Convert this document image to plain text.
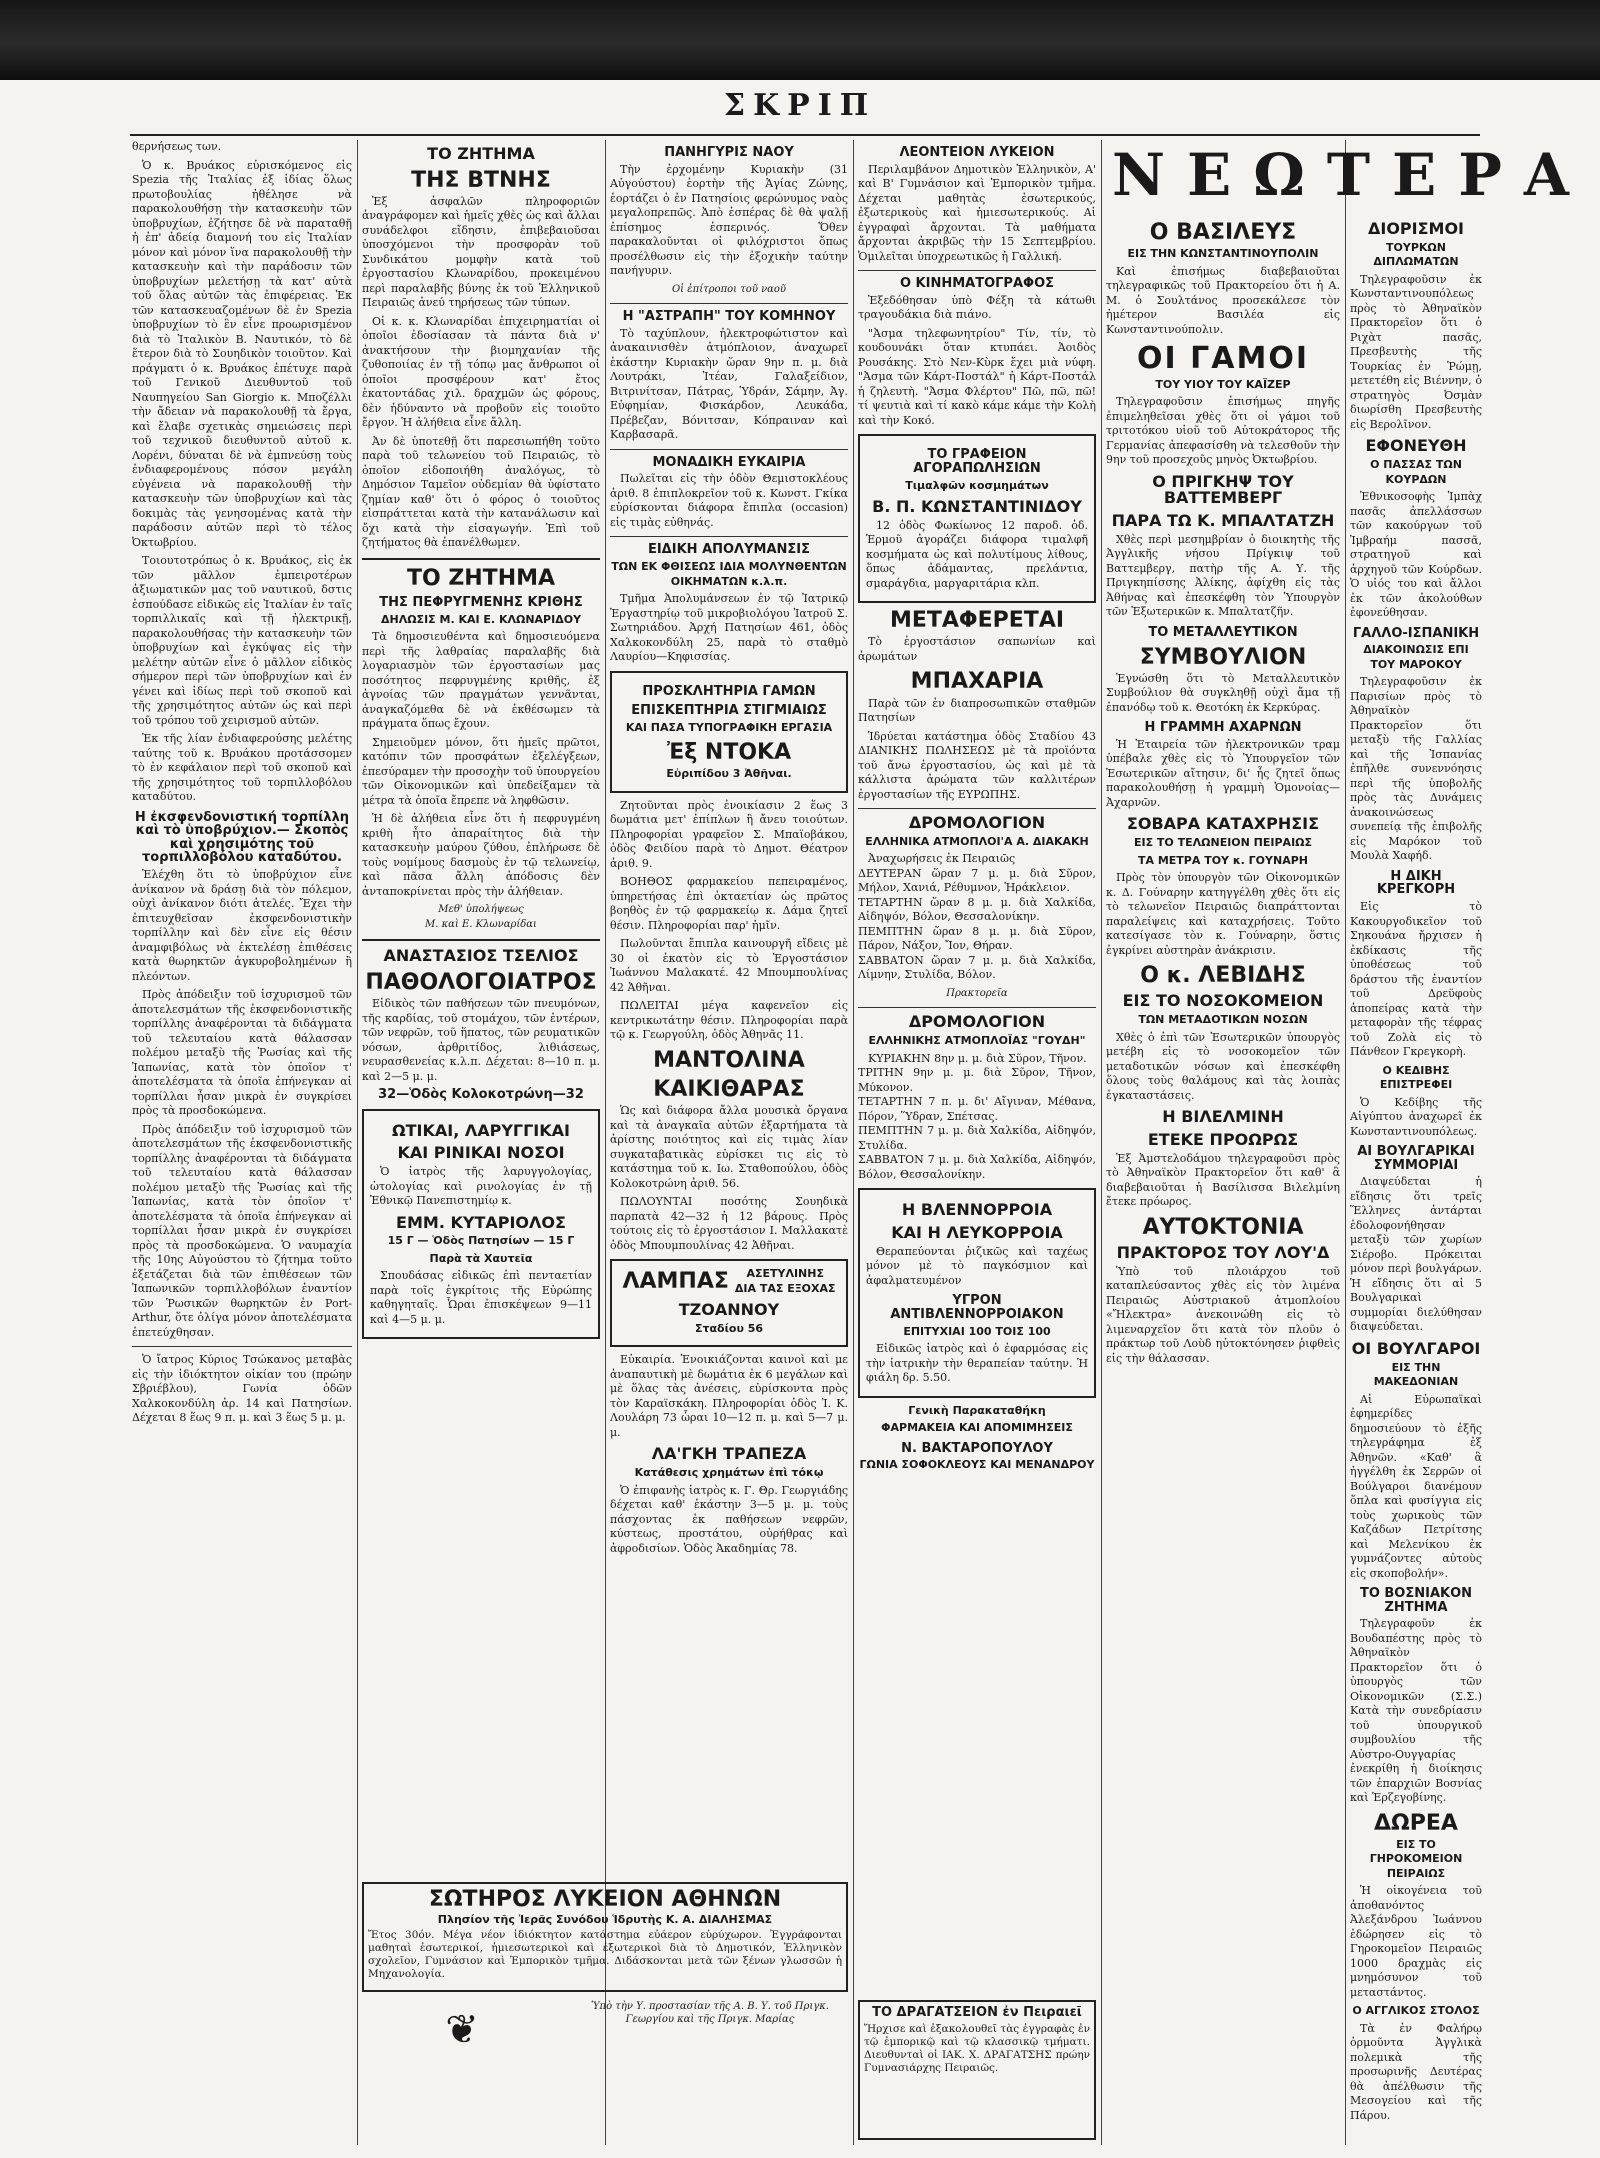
ΣΚΡΙΠ

θερνήσεως των.

Ὁ κ. Βρυάκος εὑρισκόμενος εἰς Spezia τῆς Ἰταλίας ἐξ ἰδίας ὅλως πρωτοβουλίας ἠθέλησε νὰ παρακολουθήσῃ τὴν κατασκευὴν τῶν ὑποβρυχίων, ἐζήτησε δὲ νὰ παραταθῇ ἡ ἐπ' ἀδείᾳ διαμονή του εἰς Ἰταλίαν μόνον καὶ μόνον ἵνα παρακολουθῇ τὴν κατασκευὴν καὶ τὴν παράδοσιν τῶν ὑποβρυχίων μελετήσῃ τὰ κατ' αὐτὰ τοῦ ὅλας αὐτῶν τὰς ἐπιφέρειας. Ἐκ τῶν κατασκευαζομένων δὲ ἐν Spezia ὑποβρυχίων τὸ ἓν εἶνε προωρισμένον διὰ τὸ Ἰταλικὸν Β. Ναυτικόν, τὸ δὲ ἕτερον διὰ τὸ Σουηδικὸν τοιοῦτον. Καὶ πράγματι ὁ κ. Βρυάκος ἐπέτυχε παρὰ τοῦ Γενικοῦ Διευθυντοῦ τοῦ Ναυπηγείου San Giorgio κ. Μποζέλλι τὴν ἄδειαν νὰ παρακολουθῇ τὰ ἔργα, καὶ ἔλαβε σχετικὰς σημειώσεις περὶ τοῦ τεχνικοῦ διευθυντοῦ αὐτοῦ κ. Λορένι, δύναται δὲ νὰ ἐμπνεύσῃ τοὺς ἐνδιαφερομένους πόσον μεγάλη εὐγένεια νὰ παρακολουθῇ τὴν κατασκευὴν τῶν ὑποβρυχίων καὶ τὰς δοκιμὰς τὰς γενησομένας κατὰ τὴν παράδοσιν αὐτῶν περὶ τὸ τέλος Ὀκτωβρίου.

Τοιουτοτρόπως ὁ κ. Βρυάκος, εἰς ἐκ τῶν μᾶλλον ἐμπειροτέρων ἀξιωματικῶν μας τοῦ ναυτικοῦ, δστις ἐσπούδασε εἰδικῶς εἰς Ἰταλίαν ἐν ταῖς τορπιλλικαῖς καὶ τῇ ἠλεκτρικῇ, παρακολουθήσας τὴν κατασκευὴν τῶν ὑποβρυχίων καὶ ἐγκύψας εἰς τὴν μελέτην αὐτῶν εἶνε ὁ μᾶλλον εἰδικὸς σήμερον περὶ τῶν ὑποβρυχίων καὶ ἐν γένει καὶ ἰδίως περὶ τοῦ σκοποῦ καὶ τῆς χρησιμότητος αὐτῶν ὡς καὶ περὶ τοῦ τρόπου τοῦ χειρισμοῦ αὐτῶν.

Ἐκ τῆς λίαν ἐνδιαφερούσης μελέτης ταύτης τοῦ κ. Βρυάκου προτάσσομεν τὸ ἐν κεφάλαιον περὶ τοῦ σκοποῦ καὶ τῆς χρησιμότητος τοῦ τορπιλλοβόλου καταδύτου.

Η ἐκσφενδονιστική τορπίλλη καὶ τὸ ὑποβρύχιον.— Σκοπὸς καὶ χρησιμότης τοῦ τορπιλλοβόλου καταδύτου.

Ἐλέχθη ὅτι τὸ ὑποβρύχιον εἶνε ἀνίκανον νὰ δράσῃ διὰ τὸν πόλεμον, οὐχὶ ἀνίκανον διότι ἀτελές. Ἔχει τὴν ἐπιτευχθεῖσαν ἐκσφενδονιστικὴν τορπίλλην καὶ δὲν εἶνε εἰς θέσιν ἀναμφιβόλως νὰ ἐκτελέσῃ ἐπιθέσεις κατὰ θωρηκτῶν ἀγκυροβολημένων ἢ πλεόντων.

Πρὸς ἀπόδειξιν τοῦ ἰσχυρισμοῦ τῶν ἀποτελεσμάτων τῆς ἐκσφενδονιστικῆς τορπίλλης ἀναφέρονται τὰ διδάγματα τοῦ τελευταίου κατὰ θάλασσαν πολέμου μεταξὺ τῆς Ῥωσίας καὶ τῆς Ἰαπωνίας, κατὰ τὸν ὁποῖον τ' ἀποτελέσματα τὰ ὁποῖα ἐπήνεγκαν αἱ τορπίλλαι ἦσαν μικρὰ ἐν συγκρίσει πρὸς τὰ προσδοκώμενα.

Πρὸς ἀπόδειξιν τοῦ ἰσχυρισμοῦ τῶν ἀποτελεσμάτων τῆς ἐκσφενδονιστικῆς τορπίλλης ἀναφέρονται τὰ διδάγματα τοῦ τελευταίου κατὰ θάλασσαν πολέμου μεταξὺ τῆς Ῥωσίας καὶ τῆς Ἰαπωνίας, κατὰ τὸν ὁποῖον τ' ἀποτελέσματα τὰ ὁποῖα ἐπήνεγκαν αἱ τορπίλλαι ἦσαν μικρὰ ἐν συγκρίσει πρὸς τὰ προσδοκώμενα. Ὁ ναυμαχία τῆς 10ης Αὐγούστου τὸ ζήτημα τοῦτο ἐξετάζεται διὰ τῶν ἐπιθέσεων τῶν Ἰαπωνικῶν τορπιλλοβόλων ἐναντίον τῶν Ῥωσικῶν θωρηκτῶν ἐν Port-Arthur, ὅτε ὀλίγα μόνον ἀποτελέσματα ἐπετεύχθησαν.

Ὁ ἴατρος Κύριος Τσώκανος μεταβὰς εἰς τὴν ἰδιόκτητον οἰκίαν του (πρώην Σβριέβλου), Γωνία ὁδῶν Χαλκοκονδύλη ἀρ. 14 καὶ Πατησίων. Δέχεται 8 ἕως 9 π. μ. καὶ 3 ἕως 5 μ. μ.

ΤΟ ΖΗΤΗΜΑ
ΤΗΣ ΒΤΝΗΣ

Ἐξ ἀσφαλῶν πληροφοριῶν ἀναγράφομεν καὶ ἡμεῖς χθὲς ὡς καὶ ἄλλαι συνάδελφοι εἴδησιν, ἐπιβεβαιοῦσαι ὑποσχόμενοι τὴν προσφορὰν τοῦ Συνδικάτου μομφὴν κατὰ τοῦ ἐργοστασίου Κλωναρίδου, προκειμένου περὶ παραλαβῆς βύνης ἐκ τοῦ Ἑλληνικοῦ Πειραιῶς ἀνεύ τηρήσεως τῶν τύπων.

Οἱ κ. κ. Κλωναρίδαι ἐπιχειρηματίαι οἱ ὁποῖοι ἐδοσίασαν τὰ πάντα διὰ ν' ἀνακτήσουν τὴν βιομηχανίαν τῆς ζυθοποιίας ἐν τῇ τόπῳ μας ἄνθρωποι οἱ ὁποῖοι προσφέρουν κατ' ἔτος ἑκατοντάδας χιλ. δραχμῶν ὡς φόρους, δὲν ἠδύναντο νὰ προβοῦν εἰς τοιοῦτο ἔργον. Ἡ ἀλήθεια εἶνε ἄλλη.

Ἀν δὲ ὑποτεθῇ ὅτι παρεσιωπήθη τοῦτο παρὰ τοῦ τελωνείου τοῦ Πειραιῶς, τὸ ὁποῖον εἰδοποιήθη ἀναλόγως, τὸ Δημόσιον Ταμεῖον οὐδεμίαν θὰ ὑφίστατο ζημίαν καθ' ὅτι ὁ φόρος ὁ τοιοῦτος εἰσπράττεται κατὰ τὴν κατανάλωσιν καὶ ὄχι κατὰ τὴν εἰσαγωγήν. Ἐπὶ τοῦ ζητήματος θὰ ἐπανέλθωμεν.

ΤΟ ΖΗΤΗΜΑ
ΤΗΣ ΠΕΦΡΥΓΜΕΝΗΣ ΚΡΙΘΗΣ
ΔΗΛΩΣΙΣ Μ. ΚΑΙ Ε. ΚΛΩΝΑΡΙΔΟΥ

Τὰ δημοσιευθέντα καὶ δημοσιευόμενα περὶ τῆς λαθραίας παραλαβῆς διὰ λογαριασμὸν τῶν ἐργοστασίων μας ποσότητος πεφρυγμένης κριθῆς, ἐξ ἀγνοίας τῶν πραγμάτων γεννᾶνται, ἀναγκαζόμεθα δὲ νὰ ἐκθέσωμεν τὰ πράγματα ὅπως ἔχουν.

Σημειοῦμεν μόνον, ὅτι ἡμεῖς πρῶτοι, κατόπιν τῶν προσφάτων ἐξελέγξεων, ἐπεσύραμεν τὴν προσοχὴν τοῦ ὑπουργείου τῶν Οἰκονομικῶν καὶ ὑπεδείξαμεν τὰ μέτρα τὰ ὁποῖα ἔπρεπε νὰ ληφθῶσιν.

Ἡ δὲ ἀλήθεια εἶνε ὅτι ἡ πεφρυγμένη κριθὴ ἦτο ἀπαραίτητος διὰ τὴν κατασκευὴν μαύρου ζύθου, ἐπλήρωσε δὲ τοὺς νομίμους δασμοὺς ἐν τῷ τελωνείῳ, καὶ πᾶσα ἄλλη ἀπόδοσις δὲν ἀνταποκρίνεται πρὸς τὴν ἀλήθειαν.

Μεθ' ὑπολήψεως
Μ. καὶ Ε. Κλωναρίδαι
ΑΝΑΣΤΑΣΙΟΣ ΤΣΕΛΙΟΣ
ΠΑΘΟΛΟΓΟΙΑΤΡΟΣ

Εἰδικὸς τῶν παθήσεων τῶν πνευμόνων, τῆς καρδίας, τοῦ στομάχου, τῶν ἐντέρων, τῶν νεφρῶν, τοῦ ἥπατος, τῶν ρευματικῶν νόσων, ἀρθριτίδος, λιθιάσεως, νευρασθενείας κ.λ.π. Δέχεται: 8—10 π. μ. καὶ 2—5 μ. μ.

32—Ὁδὸς Κολοκοτρώνη—32
ΩΤΙΚΑΙ, ΛΑΡΥΓΓΙΚΑΙ
ΚΑΙ ΡΙΝΙΚΑΙ ΝΟΣΟΙ

Ὁ ἰατρὸς τῆς λαρυγγολογίας, ὠτολογίας καὶ ρινολογίας ἐν τῇ Ἐθνικῷ Πανεπιστημίῳ κ.

ΕΜΜ. ΚΥΤΑΡΙΟΛΟΣ
15 Γ — Ὁδὸς Πατησίων — 15 Γ
Παρὰ τὰ Χαυτεῖα

Σπουδάσας εἰδικῶς ἐπὶ πενταετίαν παρὰ τοῖς ἐγκρίτοις τῆς Εὐρώπης καθηγηταῖς. Ὧραι ἐπισκέψεων 9—11 καὶ 4—5 μ. μ.

ΠΑΝΗΓΥΡΙΣ ΝΑΟΥ

Τὴν ἐρχομένην Κυριακὴν (31 Αὐγούστου) ἑορτὴν τῆς Ἁγίας Ζώνης, ἑορτάζει ὁ ἐν Πατησίοις φερώνυμος ναὸς μεγαλοπρεπῶς. Ἀπὸ ἑσπέρας δὲ θὰ ψαλῇ ἐπίσημος ἑσπερινός. Ὅθεν παρακαλοῦνται οἱ φιλόχριστοι ὅπως προσέλθωσιν εἰς τὴν ἐξοχικὴν ταύτην πανήγυριν.

Οἱ ἐπίτροποι τοῦ ναοῦ
Η "ΑΣΤΡΑΠΗ" ΤΟΥ ΚΟΜΗΝΟΥ

Τὸ ταχύπλουν, ἠλεκτροφώτιστον καὶ ἀνακαινισθὲν ἀτμόπλοιον, ἀναχωρεῖ ἑκάστην Κυριακὴν ὥραν 9ην π. μ. διὰ Λουτράκι, Ἰτέαν, Γαλαξείδιον, Βιτρινίτσαν, Πάτρας, Ὑδράν, Σάμην, Ἀγ. Εὐφημίαν, Φισκάρδον, Λευκάδα, Πρέβεζαν, Βόνιτσαν, Κόπραιναν καὶ Καρβασαρᾶ.

ΜΟΝΑΔΙΚΗ ΕΥΚΑΙΡΙΑ

Πωλεῖται εἰς τὴν ὁδὸν Θεμιστοκλέους ἀριθ. 8 ἐπιπλοκρεῖον τοῦ κ. Κωνστ. Γκίκα εὑρίσκονται διάφορα ἔπιπλα (occasion) εἰς τιμὰς εὐθηνάς.

ΕΙΔΙΚΗ ΑΠΟΛΥΜΑΝΣΙΣ
ΤΩΝ ΕΚ ΦΘΙΣΕΩΣ ΙΔΙΑ ΜΟΛΥΝΘΕΝΤΩΝ ΟΙΚΗΜΑΤΩΝ κ.λ.π.

Τμῆμα Ἀπολυμάνσεων ἐν τῷ Ἰατρικῷ Ἐργαστηρίῳ τοῦ μικροβιολόγου Ἰατροῦ Σ. Σωτηριάδου. Ἀρχή Πατησίων 461, ὁδὸς Χαλκοκονδύλη 25, παρὰ τὸ σταθμὸ Λαυρίου—Κηφισσίας.

ΠΡΟΣΚΛΗΤΗΡΙΑ ΓΑΜΩΝ
ΕΠΙΣΚΕΠΤΗΡΙΑ ΣΤΙΓΜΙΑΙΩΣ
ΚΑΙ ΠΑΣΑ ΤΥΠΟΓΡΑΦΙΚΗ ΕΡΓΑΣΙΑ
Ἐξ ΝΤΟΚΑ
Εὐριπίδου 3 Ἀθῆναι.

Ζητοῦνται πρὸς ἐνοικίασιν 2 ἕως 3 δωμάτια μετ' ἐπίπλων ἢ ἄνευ τοιούτων. Πληροφορίαι γραφεῖον Σ. Μπαϊοβάκου, ὁδὸς Φειδίου παρὰ τὸ Δημοτ. Θέατρον ἀριθ. 9.

ΒΟΗΘΟΣ φαρμακείου πεπειραμένος, ὑπηρετήσας ἐπὶ ὀκταετίαν ὡς πρῶτος βοηθὸς ἐν τῷ φαρμακείῳ κ. Δάμα ζητεῖ θέσιν. Πληροφορίαι παρ' ἡμῖν.

Πωλοῦνται ἔπιπλα καινουργῆ εἴδεις μὲ 30 οἱ ἑκατὸν εἰς τὸ Ἐργοστάσιον Ἰωάννου Μαλακατέ. 42 Μπουμπουλίνας 42 Ἀθῆναι.

ΠΩΛΕΙΤΑΙ μέγα καφενεῖον εἰς κεντρικωτάτην θέσιν. Πληροφορίαι παρὰ τῷ κ. Γεωργούλη, ὁδὸς Ἀθηνᾶς 11.

ΜΑΝΤΟΛΙΝΑ
ΚΑΙΚΙΘΑΡΑΣ

Ὡς καὶ διάφορα ἄλλα μουσικὰ ὄργανα καὶ τὰ ἀναγκαῖα αὐτῶν ἐξαρτήματα τὰ ἀρίστης ποιότητος καὶ εἰς τιμὰς λίαν συγκαταβατικὰς εὑρίσκει τις εἰς τὸ κατάστημα τοῦ κ. Ιω. Σταθοπούλου, ὁδὸς Κολοκοτρώνη ἀριθ. 56.

ΠΩΛΟΥΝΤΑΙ ποσότης Σουηδικὰ παρπατὰ 42—32 ἡ 12 βάρους. Πρὸς τούτοις εἰς τὸ ἐργοστάσιον I. Μαλλακατὲ ὁδὸς Μπουμπουλίνας 42 Ἀθῆναι.

ΛΑΜΠΑΣ	ΑΣΕΤΥΛΙΝΗΣ
ΔΙΑ ΤΑΣ ΕΞΟΧΑΣ
ΤΖΟΑΝΝΟΥ
Σταδίου 56

Εὐκαιρία. Ἐνοικιάζονται καινοὶ καὶ με ἀναπαυτικὴ μὲ δωμάτια ἐκ 6 μεγάλων καὶ μὲ ὅλας τὰς ἀνέσεις, εὑρίσκοντα πρὸς τὸν Καραϊσκάκη. Πληροφορίαι ὁδὸς Ἰ. Κ. Λουλάρη 73 ὧραι 10—12 π. μ. καὶ 5—7 μ. μ.

ΛΑ'ΓΚΗ ΤΡΑΠΕΖΑ
Κατάθεσις χρημάτων ἐπὶ τόκῳ

Ὁ ἐπιφανὴς ἰατρὸς κ. Γ. Θρ. Γεωργιάδης δέχεται καθ' ἑκάστην 3—5 μ. μ. τοὺς πάσχοντας ἐκ παθήσεων νεφρῶν, κύστεως, προστάτου, οὐρήθρας καὶ ἀφροδισίων. Ὁδὸς Ἀκαδημίας 78.

ΛΕΟΝΤΕΙΟΝ ΛΥΚΕΙΟΝ

Περιλαμβάνον Δημοτικὸν Ἑλληνικὸν, Α' καὶ Β' Γυμνάσιον καὶ Ἐμπορικὸν τμῆμα. Δέχεται μαθητὰς ἐσωτερικούς, ἐξωτερικοὺς καὶ ἡμιεσωτερικούς. Αἱ ἐγγραφαὶ ἄρχονται. Τὰ μαθήματα ἄρχονται ἀκριβῶς τὴν 15 Σεπτεμβρίου. Ὁμιλεῖται ὑποχρεωτικῶς ἡ Γαλλική.

Ο ΚΙΝΗΜΑΤΟΓΡΑΦΟΣ

Ἐξεδόθησαν ὑπὸ Φέξη τὰ κάτωθι τραγουδάκια διὰ πιάνο.

"Ἀσμα τηλεφωνητρίου" Τίν, τίν, τὸ κουδουνάκι ὅταν κτυπάει. Ἀοιδὸς Ρουσάκης. Στὸ Νεν-Κὺρκ ἔχει μιὰ νύφη. "Ἀσμα τῶν Κάρτ-Ποστάλ" ἡ Κάρτ-Ποστάλ ἡ ζηλευτὴ. "Ἀσμα Φλέρτου" Πῶ, πῶ, πῶ! τί ψευτιὰ καὶ τί κακὸ κάμε κάμε τὴν Κολὴ καὶ τὴν Κοκό.

ΤΟ ΓΡΑΦΕΙΟΝ ΑΓΟΡΑΠΩΛΗΣΙΩΝ
Τιμαλφῶν κοσμημάτων
Β. Π. ΚΩΝΣΤΑΝΤΙΝΙΔΟΥ

12 ὁδὸς Φωκίωνος 12 παροδ. ὁδ. Ἑρμοῦ ἀγοράζει διάφορα τιμαλφῆ κοσμήματα ὡς καὶ πολυτίμους λίθους, ὅπως ἀδάμαντας, πρελάντια, σμαράγδια, μαργαριτάρια κλπ.

ΜΕΤΑΦΕΡΕΤΑΙ

Τὸ ἐργοστάσιον σαπωνίων καὶ ἀρωμάτων

ΜΠΑΧΑΡΙΑ

Παρὰ τῶν ἐν διαπροσωπικῶν σταθμῶν Πατησίων

Ἱδρύεται κατάστημα ὁδὸς Σταδίου 43 ΔΙΑΝΙΚΗΣ ΠΩΛΗΣΕΩΣ μὲ τὰ προϊόντα τοῦ ἄνω ἐργοστασίου, ὡς καὶ μὲ τὰ κάλλιστα ἀρώματα τῶν καλλιτέρων ἐργοστασίων τῆς ΕΥΡΩΠΗΣ.

ΔΡΟΜΟΛΟΓΙΟΝ
ΕΛΛΗΝΙΚΑ ΑΤΜΟΠΛΟΙ'Α Α. ΔΙΑΚΑΚΗ

Ἀναχωρήσεις ἐκ Πειραιῶς
ΔΕΥΤΕΡΑΝ ὥραν 7 μ. μ. διὰ Σῦρον, Μήλον, Χανιά, Ρέθυμνον, Ἡράκλειον.
ΤΕΤΑΡΤΗΝ ὥραν 8 μ. μ. διὰ Χαλκίδα, Αἰδηψόν, Βόλον, Θεσσαλονίκην.
ΠΕΜΠΤΗΝ ὥραν 8 μ. μ. διὰ Σῦρον, Πάρον, Νάξον, Ἴον, Θήραν.
ΣΑΒΒΑΤΟΝ ὥραν 7 μ. μ. διὰ Χαλκίδα, Λίμνην, Στυλίδα, Βόλον.

Πρακτορεῖα
ΔΡΟΜΟΛΟΓΙΟΝ
ΕΛΛΗΝΙΚΗΣ ΑΤΜΟΠΛΟΪΑΣ "ΓΟΥΔΗ"

ΚΥΡΙΑΚΗΝ 8ην μ. μ. διὰ Σῦρον, Τῆνον.
ΤΡΙΤΗΝ 9ην μ. μ. διὰ Σῦρον, Τῆνον, Μύκονον.
ΤΕΤΑΡΤΗΝ 7 π. μ. δι' Αἴγιναν, Μέθανα, Πόρον, Ὕδραν, Σπέτσας.
ΠΕΜΠΤΗΝ 7 μ. μ. διὰ Χαλκίδα, Αἰδηψόν, Στυλίδα.
ΣΑΒΒΑΤΟΝ 7 μ. μ. διὰ Χαλκίδα, Αἰδηψόν, Βόλον, Θεσσαλονίκην.

Η ΒΛΕΝΝΟΡΡΟΙΑ
ΚΑΙ Η ΛΕΥΚΟΡΡΟΙΑ

Θεραπεύονται ῥιζικῶς καὶ ταχέως μόνον μὲ τὸ παγκόσμιον καὶ ἀφαλματευμένον

ΥΓΡΟΝ ΑΝΤΙΒΛΕΝΝΟΡΡΟΙΑΚΟΝ
ΕΠΙΤΥΧΙΑΙ 100 ΤΟΙΣ 100

Εἰδικῶς ἰατρὸς καὶ ὁ ἐφαρμόσας εἰς τὴν ἰατρικὴν τὴν θεραπείαν ταύτην. Ἡ φιάλη δρ. 5.50.

Γενικὴ Παρακαταθήκη
ΦΑΡΜΑΚΕΙΑ ΚΑΙ ΑΠΟΜΙΜΗΣΕΙΣ
Ν. ΒΑΚΤΑΡΟΠΟΥΛΟΥ
ΓΩΝΙΑ ΣΟΦΟΚΛΕΟΥΣ ΚΑΙ ΜΕΝΑΝΔΡΟΥ
ΝΕΩΤΕΡΑ
Ο ΒΑΣΙΛΕΥΣ
ΕΙΣ ΤΗΝ ΚΩΝΣΤΑΝΤΙΝΟΥΠΟΛΙΝ

Καὶ ἐπισήμως διαβεβαιοῦται τηλεγραφικῶς τοῦ Πρακτορείου ὅτι ἡ Α. Μ. ὁ Σουλτάνος προσεκάλεσε τὸν ἡμέτερον Βασιλέα εἰς Κωνσταντινούπολιν.

ΟΙ ΓΑΜΟΙ
ΤΟΥ ΥΙΟΥ ΤΟΥ ΚΑΪΖΕΡ

Τηλεγραφοῦσιν ἐπισήμως πηγῆς ἐπιμεληθεῖσαι χθὲς ὅτι οἱ γάμοι τοῦ τριτοτόκου υἱοῦ τοῦ Αὐτοκράτορος τῆς Γερμανίας ἀπεφασίσθη νὰ τελεσθοῦν τὴν 9ην τοῦ προσεχοῦς μηνὸς Ὀκτωβρίου.

Ο ΠΡΙΓΚΗΨ ΤΟΥ ΒΑΤΤΕΜΒΕΡΓ
ΠΑΡΑ ΤΩ Κ. ΜΠΑΛΤΑΤΖΗ

Χθὲς περὶ μεσημβρίαν ὁ διοικητὴς τῆς Ἀγγλικῆς νήσου Πρίγκιψ τοῦ Βαττεμβεργ, πατὴρ τῆς Α. Υ. τῆς Πριγκηπίσσης Ἀλίκης, ἀφίχθη εἰς τὰς Ἀθήνας καὶ ἐπεσκέφθη τὸν Ὑπουργὸν τῶν Ἐξωτερικῶν κ. Μπαλτατζῆν.

ΤΟ ΜΕΤΑΛΛΕΥΤΙΚΟΝ
ΣΥΜΒΟΥΛΙΟΝ

Ἐγνώσθη ὅτι τὸ Μεταλλευτικὸν Συμβούλιον θὰ συγκληθῇ οὐχὶ ἄμα τῇ ἐπανόδῳ τοῦ κ. Θεοτόκη ἐκ Κερκύρας.

Η ΓΡΑΜΜΗ ΑΧΑΡΝΩΝ

Ἡ Ἑταιρεία τῶν ἠλεκτρονικῶν τραμ ὑπέβαλε χθὲς εἰς τὸ Ὑπουργεῖον τῶν Ἐσωτερικῶν αἴτησιν, δι' ἧς ζητεῖ ὅπως παρακολουθήσῃ ἡ γραμμὴ Ὁμονοίας—Ἀχαρνῶν.

ΣΟΒΑΡΑ ΚΑΤΑΧΡΗΣΙΣ
ΕΙΣ ΤΟ ΤΕΛΩΝΕΙΟΝ ΠΕΙΡΑΙΩΣ
ΤΑ ΜΕΤΡΑ ΤΟΥ κ. ΓΟΥΝΑΡΗ

Πρὸς τὸν ὑπουργὸν τῶν Οἰκονομικῶν κ. Δ. Γούναρην κατηγγέλθη χθὲς ὅτι εἰς τὸ τελωνεῖον Πειραιῶς διαπράττονται παραλείψεις καὶ καταχρήσεις. Τοῦτο κατεσίγασε τὸν κ. Γούναρην, ὅστις ἐγκρίνει αὐστηρὰν ἀνάκρισιν.

Ο κ. ΛΕΒΙΔΗΣ
ΕΙΣ ΤΟ ΝΟΣΟΚΟΜΕΙΟΝ
ΤΩΝ ΜΕΤΑΔΟΤΙΚΩΝ ΝΟΣΩΝ

Χθὲς ὁ ἐπὶ τῶν Ἐσωτερικῶν ὑπουργὸς μετέβη εἰς τὸ νοσοκομεῖον τῶν μεταδοτικῶν νόσων καὶ ἐπεσκέφθη ὅλους τοὺς θαλάμους καὶ τὰς λοιπὰς ἐγκαταστάσεις.

Η ΒΙΛΕΛΜΙΝΗ
ΕΤΕΚΕ ΠΡΟΩΡΩΣ

Ἐξ Ἀμστελοδάμου τηλεγραφοῦσι πρὸς τὸ Ἀθηναϊκὸν Πρακτορεῖον ὅτι καθ' ἃ διαβεβαιοῦται ἡ Βασίλισσα Βιλελμίνη ἔτεκε πρόωρος.

ΑΥΤΟΚΤΟΝΙΑ
ΠΡΑΚΤΟΡΟΣ ΤΟΥ ΛΟΥ'Δ

Ὑπὸ τοῦ πλοιάρχου τοῦ καταπλεύσαντος χθὲς εἰς τὸν λιμένα Πειραιῶς Αὐστριακοῦ ἀτμοπλοίου «Ἤλεκτρα» ἀνεκοινώθη εἰς τὸ λιμεναρχεῖον ὅτι κατὰ τὸν πλοῦν ὁ πράκτωρ τοῦ Λοὺδ ηὐτοκτόνησεν ῥιφθεὶς εἰς τὴν θάλασσαν.

ΔΙΟΡΙΣΜΟΙ
ΤΟΥΡΚΩΝ ΔΙΠΛΩΜΑΤΩΝ

Τηλεγραφοῦσιν ἐκ Κωνσταντινουπόλεως πρὸς τὸ Ἀθηναϊκὸν Πρακτορεῖον ὅτι ὁ Ριχὰτ πασᾶς, Πρεσβευτὴς τῆς Τουρκίας ἐν Ῥώμῃ, μετετέθη εἰς Βιέννην, ὁ στρατηγὸς Ὀσμὰν διωρίσθη Πρεσβευτὴς εἰς Βερολῖνον.

ΕΦΟΝΕΥΘΗ
Ο ΠΑΣΣΑΣ ΤΩΝ ΚΟΥΡΔΩΝ

Ἐθνικοσοφὴς Ἰμπὰχ πασᾶς ἀπελλάσσων τῶν κακούργων τοῦ Ἰμβραήμ πασσᾶ, στρατηγοῦ καὶ ἀρχηγοῦ τῶν Κούρδων. Ὁ υἱός του καὶ ἄλλοι ἐκ τῶν ἀκολούθων ἐφονεύθησαν.

ΓΑΛΛΟ-ΙΣΠΑΝΙΚΗ
ΔΙΑΚΟΙΝΩΣΙΣ ΕΠΙ ΤΟΥ ΜΑΡΟΚΟΥ

Τηλεγραφοῦσιν ἐκ Παρισίων πρὸς τὸ Ἀθηναϊκὸν Πρακτορεῖον ὅτι μεταξὺ τῆς Γαλλίας καὶ τῆς Ἰσπανίας ἐπῆλθε συνεννόησις περὶ τῆς ὑποβολῆς πρὸς τὰς Δυνάμεις ἀνακοινώσεως συνεπείᾳ τῆς ἐπιβολῆς εἰς Μαρόκον τοῦ Μουλὰ Χαφήδ.

Η ΔΙΚΗ ΚΡΕΓΚΟΡΗ

Εἰς τὸ Κακουργοδικεῖον τοῦ Σηκουάνα ἤρχισεν ἡ ἐκδίκασις τῆς ὑποθέσεως τοῦ δράστου τῆς ἐναντίον τοῦ Δρεϋφοὺς ἀποπείρας κατὰ τὴν μεταφορὰν τῆς τέφρας τοῦ Ζολὰ εἰς τὸ Πάνθεον Γκρεγκορὴ.

Ο ΚΕΔΙΒΗΣ ΕΠΙΣΤΡΕΦΕΙ

Ὁ Κεδίβης τῆς Αἰγύπτου ἀναχωρεῖ ἐκ Κωνσταντινουπόλεως.

ΑΙ ΒΟΥΛΓΑΡΙΚΑΙ ΣΥΜΜΟΡΙΑΙ

Διαψεύδεται ἡ εἴδησις ὅτι τρεῖς Ἕλληνες ἀντάρται ἐδολοφονήθησαν μεταξὺ τῶν χωρίων Σιέροβο. Πρόκειται μόνον περὶ βουλγάρων. Ἡ εἴδησις ὅτι αἱ 5 Βουλγαρικαὶ συμμορίαι διελύθησαν διαψεύδεται.

ΟΙ ΒΟΥΛΓΑΡΟΙ
ΕΙΣ ΤΗΝ ΜΑΚΕΔΟΝΙΑΝ

Αἱ Εὐρωπαϊκαὶ ἐφημερίδες δημοσιεύουν τὸ ἑξῆς τηλεγράφημα ἐξ Ἀθηνῶν. «Καθ' ἃ ἠγγέλθη ἐκ Σερρῶν οἱ Βούλγαροι διανέμουν ὅπλα καὶ φυσίγγια εἰς τοὺς χωρικοὺς τῶν Καζάδων Πετρίτσης καὶ Μελενίκου ἐκ γυμνάζοντες αὐτοὺς εἰς σκοποβολήν».

ΤΟ ΒΟΣΝΙΑΚΟΝ ΖΗΤΗΜΑ

Τηλεγραφοῦν ἐκ Βουδαπέστης πρὸς τὸ Ἀθηναϊκὸν Πρακτορεῖον ὅτι ὁ ὑπουργὸς τῶν Οἰκονομικῶν (Σ.Σ.) Κατὰ τὴν συνεδρίασιν τοῦ ὑπουργικοῦ συμβουλίου τῆς Αὐστρο-Ουγγαρίας ἐνεκρίθη ἡ διοίκησις τῶν ἐπαρχιῶν Βοσνίας καὶ Ἑρζεγοβίνης.

ΔΩΡΕΑ
ΕΙΣ ΤΟ ΓΗΡΟΚΟΜΕΙΟΝ ΠΕΙΡΑΙΩΣ

Ἡ οἰκογένεια τοῦ ἀποθανόντος Ἀλεξάνδρου Ἰωάννου ἐδώρησεν εἰς τὸ Γηροκομεῖον Πειραιῶς 1000 δραχμὰς εἰς μνημόσυνον τοῦ μεταστάντος.

Ο ΑΓΓΛΙΚΟΣ ΣΤΟΛΟΣ

Τὰ ἐν Φαλήρῳ ὁρμοῦντα Ἀγγλικὰ πολεμικὰ τῆς προσωρινῆς Δευτέρας θὰ ἀπέλθωσιν τῆς Μεσογείου καὶ τῆς Πάρου.

ΣΩΤΗΡΟΣ ΛΥΚΕΙΟΝ ΑΘΗΝΩΝ
Πλησίον τῆς Ἱερᾶς Συνόδου Ἱδρυτὴς Κ. Α. ΔΙΑΛΗΣΜΑΣ
Ἔτος 30όν. Μέγα νέον ἰδιόκτητον κατάστημα εὐάερον εὐρύχωρον. Ἐγγράφονται μαθηταὶ ἐσωτερικοί, ἡμιεσωτερικοὶ καὶ ἐξωτερικοὶ διὰ τὸ Δημοτικόν, Ἑλληνικὸν σχολεῖον, Γυμνάσιον καὶ Ἐμπορικὸν τμῆμα. Διδάσκονται μετὰ τῶν ξένων γλωσσῶν ἡ Μηχανολογία.
❦
Ὑπὸ τὴν Υ. προστασίαν τῆς Α. Β. Υ. τοῦ Πριγκ. Γεωργίου καὶ τῆς Πριγκ. Μαρίας	ΤΟ ΔΡΑΓΑΤΣΕΙΟΝ ἐν Πειραιεῖ
Ἤρχισε καὶ ἐξακολουθεῖ τὰς ἐγγραφὰς ἐν τῷ ἐμπορικῷ καὶ τῷ κλασσικῷ τμήματι. Διευθυνταὶ οἱ ΙΑΚ. Χ. ΔΡΑΓΑΤΣΗΣ πρώην Γυμνασιάρχης Πειραιῶς.
